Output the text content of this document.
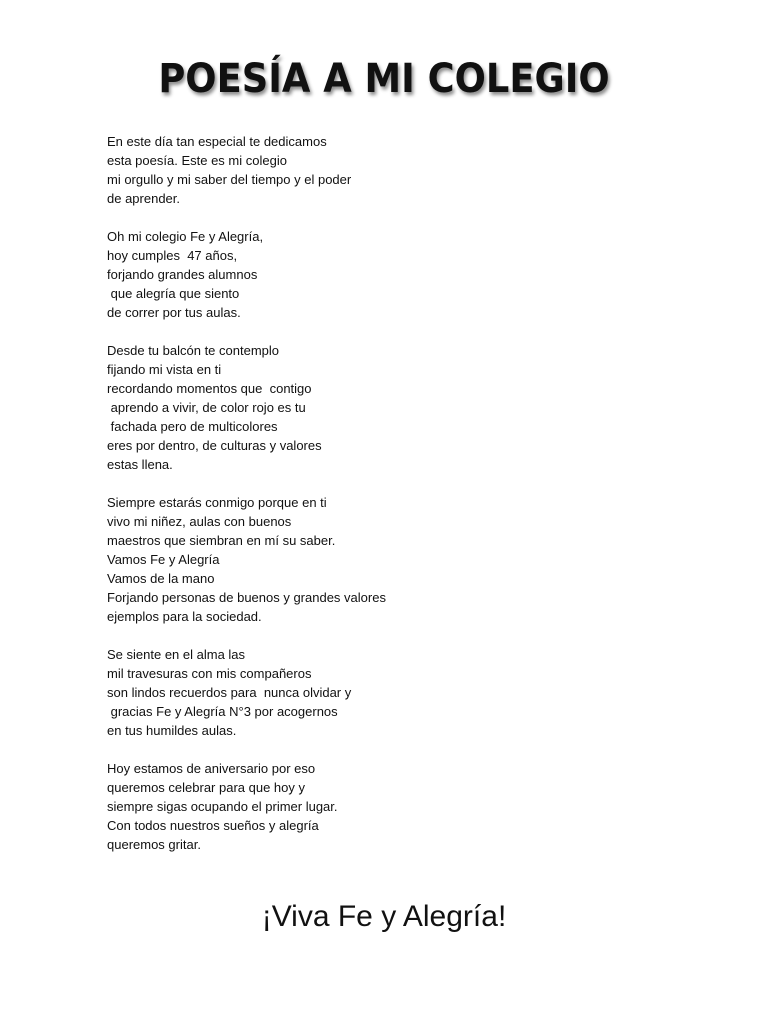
POESÍA A MI COLEGIO
En este día tan especial te dedicamos
esta poesía. Este es mi colegio
mi orgullo y mi saber del tiempo y el poder
de aprender.
Oh mi colegio Fe y Alegría,
hoy cumples  47 años,
forjando grandes alumnos
que alegría que siento
de correr por tus aulas.
Desde tu balcón te contemplo
fijando mi vista en ti
recordando momentos que  contigo
aprendo a vivir, de color rojo es tu
fachada pero de multicolores
eres por dentro, de culturas y valores
estas llena.
Siempre estarás conmigo porque en ti
vivo mi niñez, aulas con buenos
maestros que siembran en mí su saber.
Vamos Fe y Alegría
Vamos de la mano
Forjando personas de buenos y grandes valores
ejemplos para la sociedad.
Se siente en el alma las
mil travesuras con mis compañeros
son lindos recuerdos para  nunca olvidar y
gracias Fe y Alegría N°3 por acogernos
en tus humildes aulas.
Hoy estamos de aniversario por eso
queremos celebrar para que hoy y
siempre sigas ocupando el primer lugar.
Con todos nuestros sueños y alegría
queremos gritar.

¡Viva Fe y Alegría!
